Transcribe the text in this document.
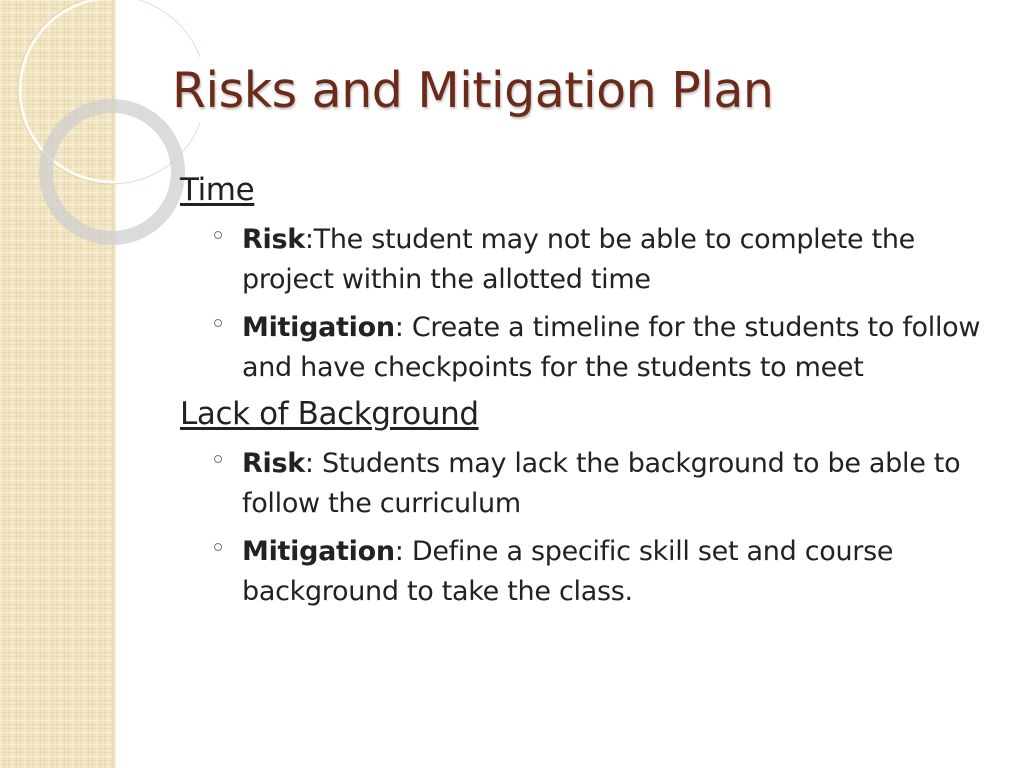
Risks and Mitigation Plan

Time

Risk:The student may not be able to complete the project within the allotted time
Mitigation: Create a timeline for the students to follow and have checkpoints for the students to meet

Lack of Background

Risk: Students may lack the background to be able to follow the curriculum
Mitigation: Define a specific skill set and course background to take the class.
